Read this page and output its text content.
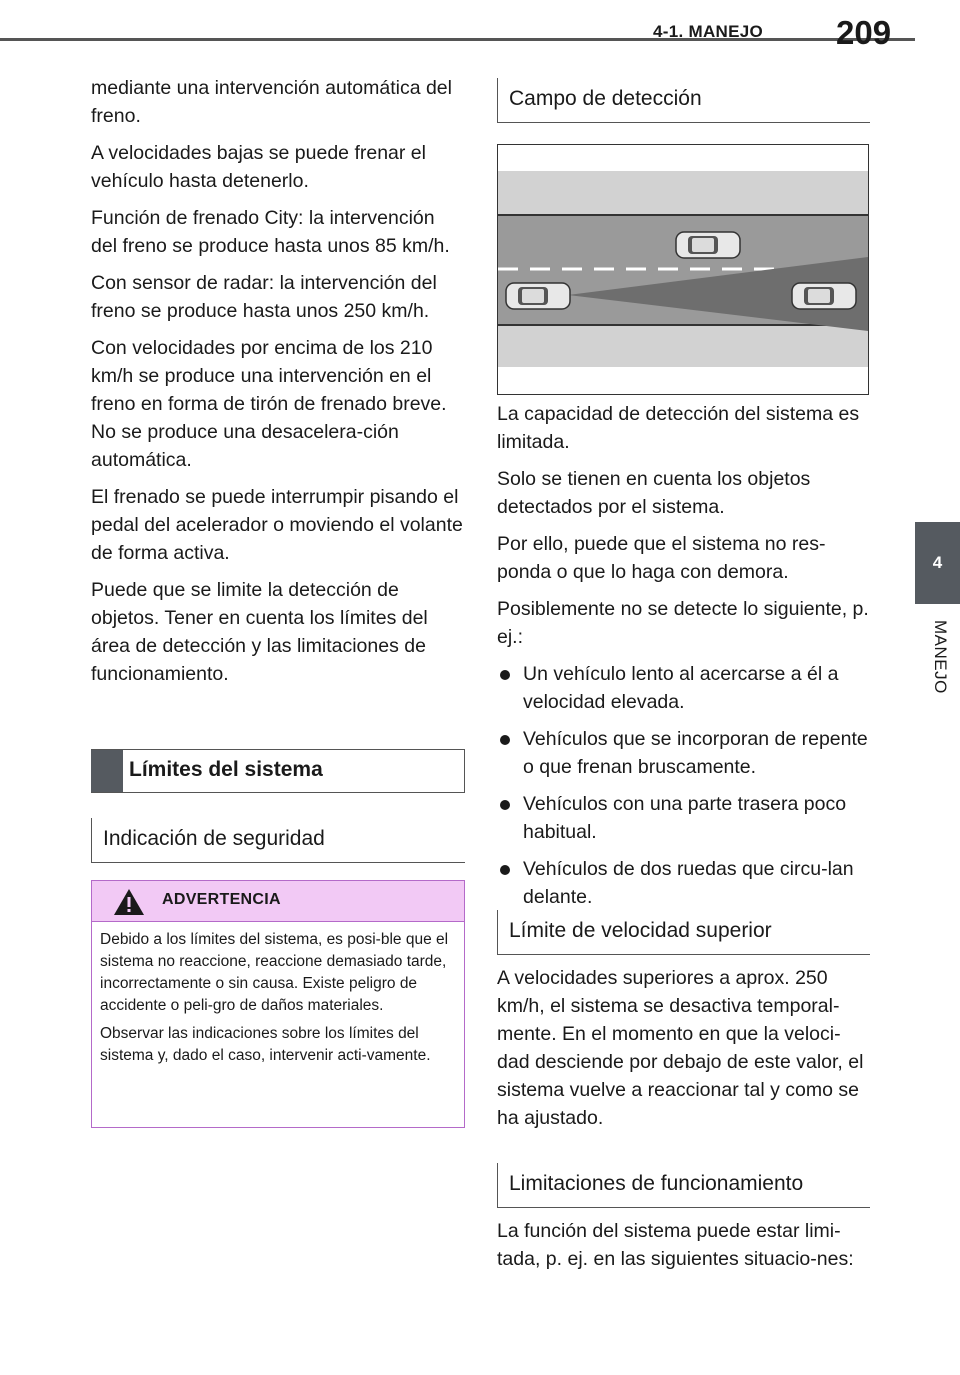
4-1. MANEJO 209
4
MANEJO

mediante una intervención automática del freno.

A velocidades bajas se puede frenar el vehículo hasta detenerlo.

Función de frenado City: la intervención del freno se produce hasta unos 85 km/h.

Con sensor de radar: la intervención del freno se produce hasta unos 250 km/h.

Con velocidades por encima de los 210 km/h se produce una intervención en el freno en forma de tirón de frenado breve. No se produce una desacelera-ción automática.

El frenado se puede interrumpir pisando el pedal del acelerador o moviendo el volante de forma activa.

Puede que se limite la detección de objetos. Tener en cuenta los límites del área de detección y las limitaciones de funcionamiento.

Límites del sistema
Indicación de seguridad
ADVERTENCIA

Debido a los límites del sistema, es posi-ble que el sistema no reaccione, reaccione demasiado tarde, incorrectamente o sin causa. Existe peligro de accidente o peli-gro de daños materiales.

Observar las indicaciones sobre los límites del sistema y, dado el caso, intervenir acti-vamente.

Campo de detección

La capacidad de detección del sistema es limitada.

Solo se tienen en cuenta los objetos detectados por el sistema.

Por ello, puede que el sistema no res-ponda o que lo haga con demora.

Posiblemente no se detecte lo siguiente, p. ej.:

Un vehículo lento al acercarse a él a velocidad elevada.
Vehículos que se incorporan de repente o que frenan bruscamente.
Vehículos con una parte trasera poco habitual.
Vehículos de dos ruedas que circu-lan delante.
Límite de velocidad superior

A velocidades superiores a aprox. 250 km/h, el sistema se desactiva temporal-mente. En el momento en que la veloci-dad desciende por debajo de este valor, el sistema vuelve a reaccionar tal y como se ha ajustado.

Limitaciones de funcionamiento

La función del sistema puede estar limi-tada, p. ej. en las siguientes situacio-nes:
